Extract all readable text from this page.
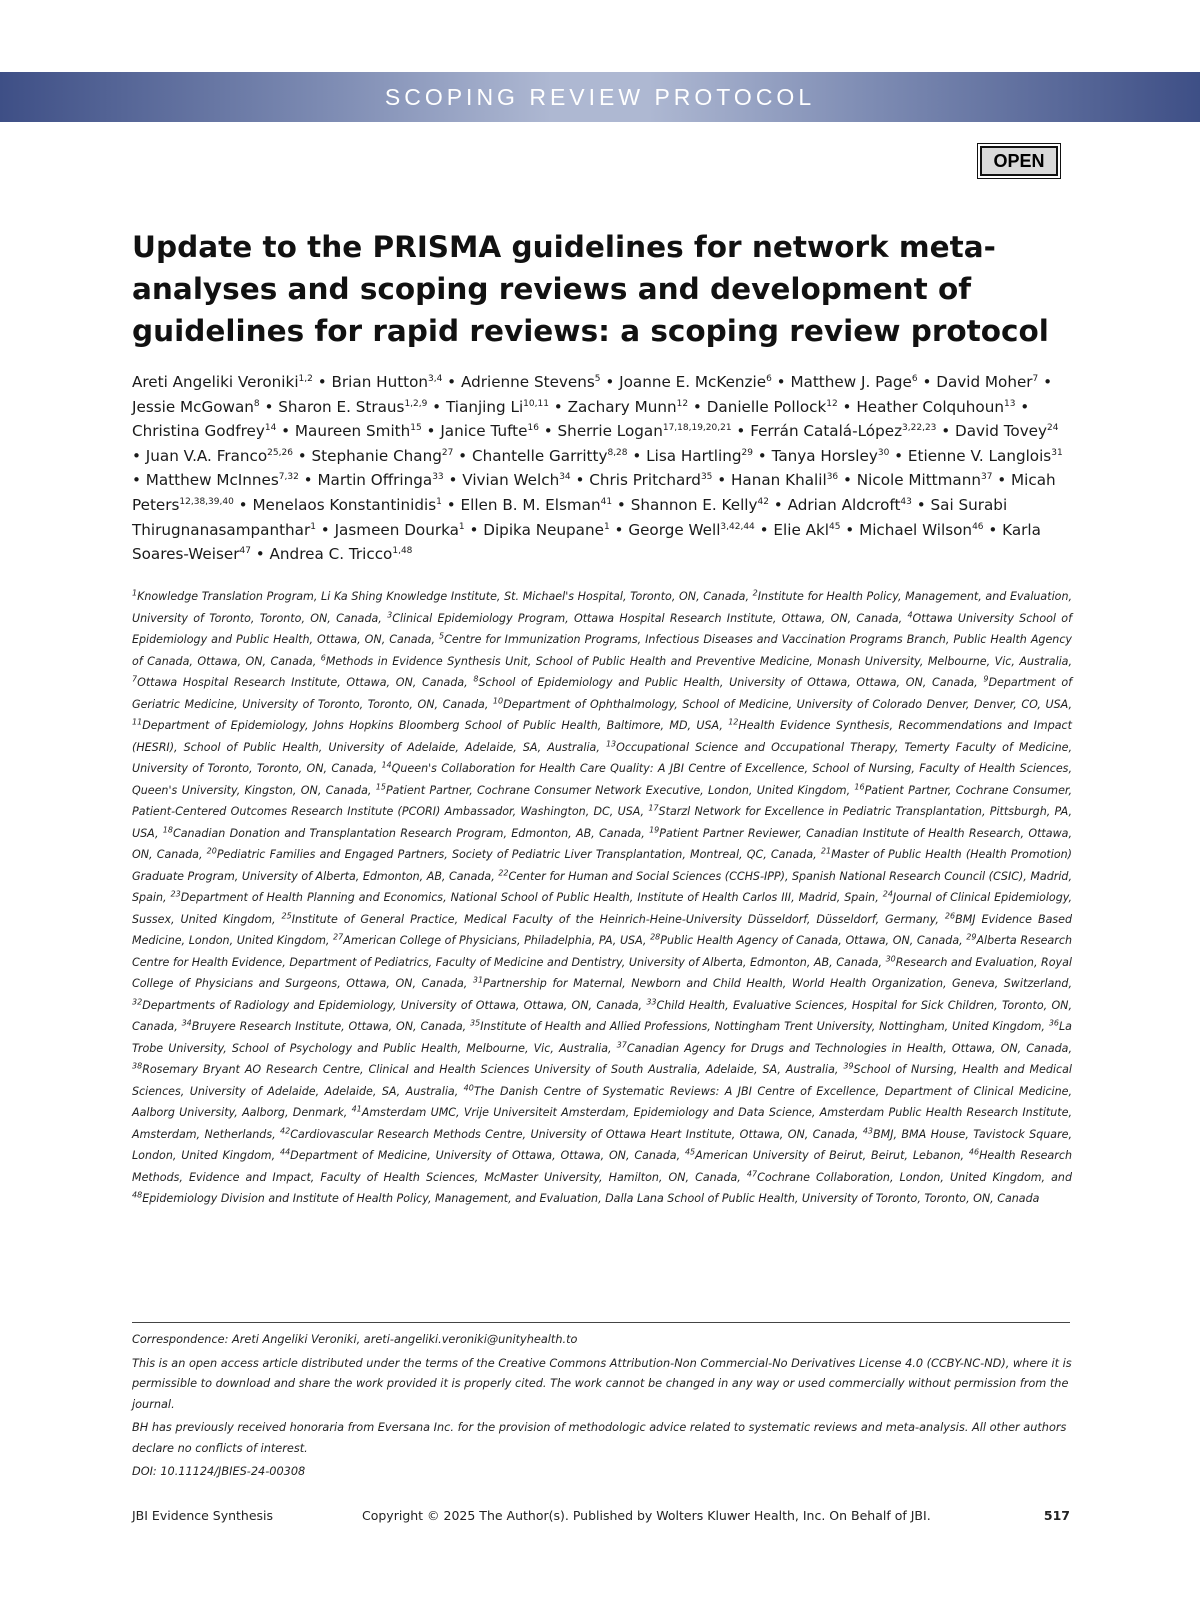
SCOPING REVIEW PROTOCOL
OPEN
Update to the PRISMA guidelines for network meta-analyses and scoping reviews and development of guidelines for rapid reviews: a scoping review protocol
Areti Angeliki Veroniki$^{1,2}$ • Brian Hutton$^{3,4}$ • Adrienne Stevens$^5$ • Joanne E. McKenzie$^6$ • Matthew J. Page$^6$ • David Moher$^7$ • Jessie McGowan$^8$ • Sharon E. Straus$^{1,2,9}$ • Tianjing Li$^{10,11}$ • Zachary Munn$^{12}$ • Danielle Pollock$^{12}$ • Heather Colquhoun$^{13}$ • Christina Godfrey$^{14}$ • Maureen Smith$^{15}$ • Janice Tufte$^{16}$ • Sherrie Logan$^{17,18,19,20,21}$ • Ferrán Catalá-López$^{3,22,23}$ • David Tovey$^{24}$ • Juan V.A. Franco$^{25,26}$ • Stephanie Chang$^{27}$ • Chantelle Garritty$^{8,28}$ • Lisa Hartling$^{29}$ • Tanya Horsley$^{30}$ • Etienne V. Langlois$^{31}$ • Matthew McInnes$^{7,32}$ • Martin Offringa$^{33}$ • Vivian Welch$^{34}$ • Chris Pritchard$^{35}$ • Hanan Khalil$^{36}$ • Nicole Mittmann$^{37}$ • Micah Peters$^{12,38,39,40}$ • Menelaos Konstantinidis$^1$ • Ellen B. M. Elsman$^{41}$ • Shannon E. Kelly$^{42}$ • Adrian Aldcroft$^{43}$ • Sai Surabi Thirugnanasampanthar$^1$ • Jasmeen Dourka$^1$ • Dipika Neupane$^1$ • George Well$^{3,42,44}$ • Elie Akl$^{45}$ • Michael Wilson$^{46}$ • Karla Soares-Weiser$^{47}$ • Andrea C. Tricco$^{1,48}$
$^1$Knowledge Translation Program, Li Ka Shing Knowledge Institute, St. Michael's Hospital, Toronto, ON, Canada, $^2$Institute for Health Policy, Management, and Evaluation, University of Toronto, Toronto, ON, Canada, $^3$Clinical Epidemiology Program, Ottawa Hospital Research Institute, Ottawa, ON, Canada, $^4$Ottawa University School of Epidemiology and Public Health, Ottawa, ON, Canada, $^5$Centre for Immunization Programs, Infectious Diseases and Vaccination Programs Branch, Public Health Agency of Canada, Ottawa, ON, Canada, $^6$Methods in Evidence Synthesis Unit, School of Public Health and Preventive Medicine, Monash University, Melbourne, Vic, Australia, $^7$Ottawa Hospital Research Institute, Ottawa, ON, Canada, $^8$School of Epidemiology and Public Health, University of Ottawa, Ottawa, ON, Canada, $^9$Department of Geriatric Medicine, University of Toronto, Toronto, ON, Canada, $^{10}$Department of Ophthalmology, School of Medicine, University of Colorado Denver, Denver, CO, USA, $^{11}$Department of Epidemiology, Johns Hopkins Bloomberg School of Public Health, Baltimore, MD, USA, $^{12}$Health Evidence Synthesis, Recommendations and Impact (HESRI), School of Public Health, University of Adelaide, Adelaide, SA, Australia, $^{13}$Occupational Science and Occupational Therapy, Temerty Faculty of Medicine, University of Toronto, Toronto, ON, Canada, $^{14}$Queen's Collaboration for Health Care Quality: A JBI Centre of Excellence, School of Nursing, Faculty of Health Sciences, Queen's University, Kingston, ON, Canada, $^{15}$Patient Partner, Cochrane Consumer Network Executive, London, United Kingdom, $^{16}$Patient Partner, Cochrane Consumer, Patient-Centered Outcomes Research Institute (PCORI) Ambassador, Washington, DC, USA, $^{17}$Starzl Network for Excellence in Pediatric Transplantation, Pittsburgh, PA, USA, $^{18}$Canadian Donation and Transplantation Research Program, Edmonton, AB, Canada, $^{19}$Patient Partner Reviewer, Canadian Institute of Health Research, Ottawa, ON, Canada, $^{20}$Pediatric Families and Engaged Partners, Society of Pediatric Liver Transplantation, Montreal, QC, Canada, $^{21}$Master of Public Health (Health Promotion) Graduate Program, University of Alberta, Edmonton, AB, Canada, $^{22}$Center for Human and Social Sciences (CCHS-IPP), Spanish National Research Council (CSIC), Madrid, Spain, $^{23}$Department of Health Planning and Economics, National School of Public Health, Institute of Health Carlos III, Madrid, Spain, $^{24}$Journal of Clinical Epidemiology, Sussex, United Kingdom, $^{25}$Institute of General Practice, Medical Faculty of the Heinrich-Heine-University Düsseldorf, Düsseldorf, Germany, $^{26}$BMJ Evidence Based Medicine, London, United Kingdom, $^{27}$American College of Physicians, Philadelphia, PA, USA, $^{28}$Public Health Agency of Canada, Ottawa, ON, Canada, $^{29}$Alberta Research Centre for Health Evidence, Department of Pediatrics, Faculty of Medicine and Dentistry, University of Alberta, Edmonton, AB, Canada, $^{30}$Research and Evaluation, Royal College of Physicians and Surgeons, Ottawa, ON, Canada, $^{31}$Partnership for Maternal, Newborn and Child Health, World Health Organization, Geneva, Switzerland, $^{32}$Departments of Radiology and Epidemiology, University of Ottawa, Ottawa, ON, Canada, $^{33}$Child Health, Evaluative Sciences, Hospital for Sick Children, Toronto, ON, Canada, $^{34}$Bruyere Research Institute, Ottawa, ON, Canada, $^{35}$Institute of Health and Allied Professions, Nottingham Trent University, Nottingham, United Kingdom, $^{36}$La Trobe University, School of Psychology and Public Health, Melbourne, Vic, Australia, $^{37}$Canadian Agency for Drugs and Technologies in Health, Ottawa, ON, Canada, $^{38}$Rosemary Bryant AO Research Centre, Clinical and Health Sciences University of South Australia, Adelaide, SA, Australia, $^{39}$School of Nursing, Health and Medical Sciences, University of Adelaide, Adelaide, SA, Australia, $^{40}$The Danish Centre of Systematic Reviews: A JBI Centre of Excellence, Department of Clinical Medicine, Aalborg University, Aalborg, Denmark, $^{41}$Amsterdam UMC, Vrije Universiteit Amsterdam, Epidemiology and Data Science, Amsterdam Public Health Research Institute, Amsterdam, Netherlands, $^{42}$Cardiovascular Research Methods Centre, University of Ottawa Heart Institute, Ottawa, ON, Canada, $^{43}$BMJ, BMA House, Tavistock Square, London, United Kingdom, $^{44}$Department of Medicine, University of Ottawa, Ottawa, ON, Canada, $^{45}$American University of Beirut, Beirut, Lebanon, $^{46}$Health Research Methods, Evidence and Impact, Faculty of Health Sciences, McMaster University, Hamilton, ON, Canada, $^{47}$Cochrane Collaboration, London, United Kingdom, and $^{48}$Epidemiology Division and Institute of Health Policy, Management, and Evaluation, Dalla Lana School of Public Health, University of Toronto, Toronto, ON, Canada

Correspondence: Areti Angeliki Veroniki, areti-angeliki.veroniki@unityhealth.to

This is an open access article distributed under the terms of the Creative Commons Attribution-Non Commercial-No Derivatives License 4.0 (CCBY-NC-ND), where it is permissible to download and share the work provided it is properly cited. The work cannot be changed in any way or used commercially without permission from the journal.

BH has previously received honoraria from Eversana Inc. for the provision of methodologic advice related to systematic reviews and meta-analysis. All other authors declare no conflicts of interest.

DOI: 10.11124/JBIES-24-00308

JBI Evidence Synthesis	Copyright © 2025 The Author(s). Published by Wolters Kluwer Health, Inc. On Behalf of JBI.	517
